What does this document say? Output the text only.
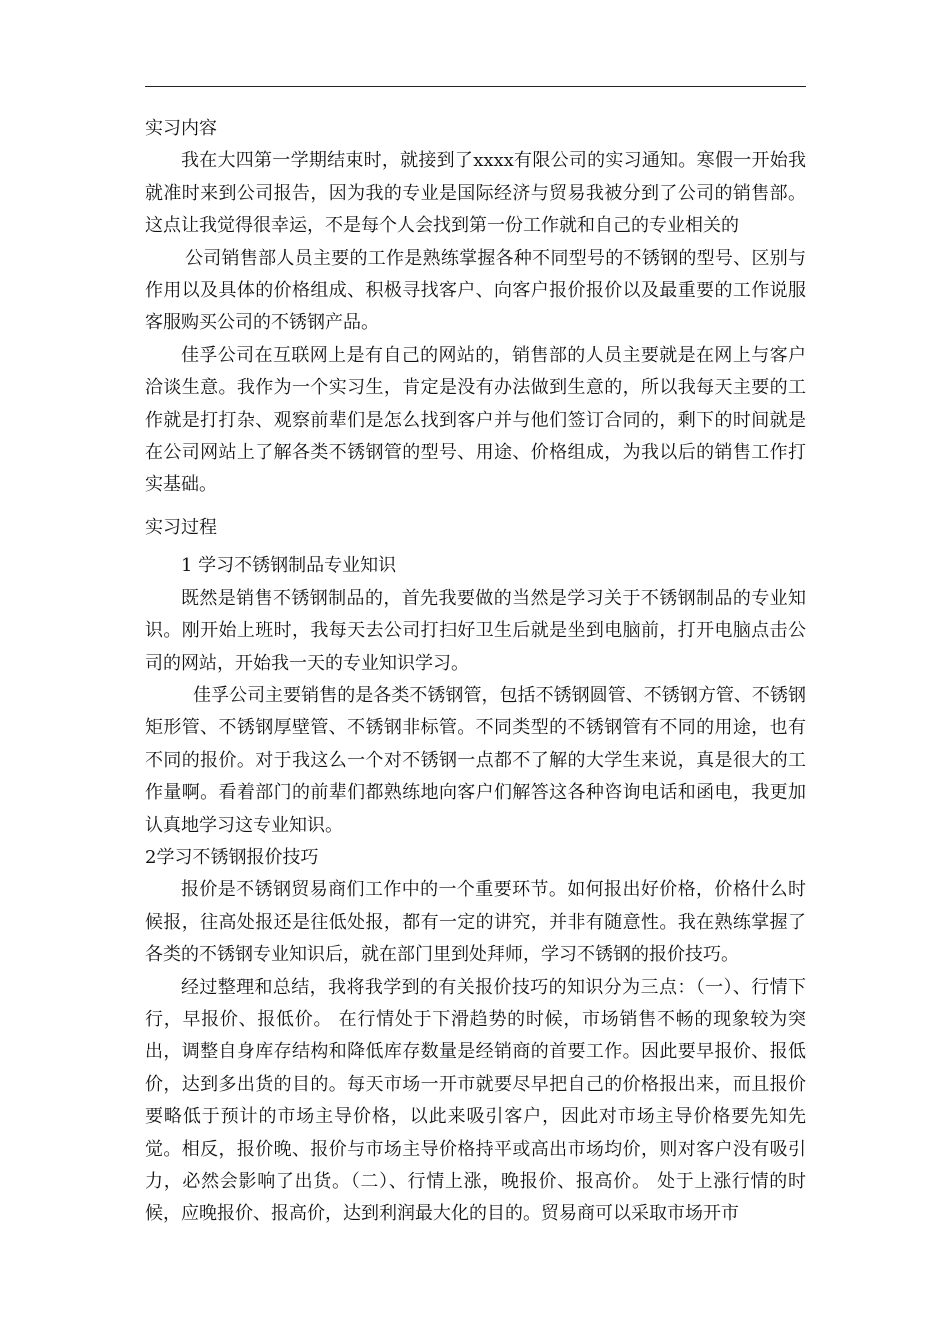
实习内容

我在大四第一学期结束时，就接到了xxxx有限公司的实习通知。寒假一开始我就准时来到公司报告，因为我的专业是国际经济与贸易我被分到了公司的销售部。这点让我觉得很幸运，不是每个人会找到第一份工作就和自己的专业相关的

公司销售部人员主要的工作是熟练掌握各种不同型号的不锈钢的型号、区别与作用以及具体的价格组成、积极寻找客户、向客户报价报价以及最重要的工作说服客服购买公司的不锈钢产品。

佳孚公司在互联网上是有自己的网站的，销售部的人员主要就是在网上与客户洽谈生意。我作为一个实习生，肯定是没有办法做到生意的，所以我每天主要的工作就是打打杂、观察前辈们是怎么找到客户并与他们签订合同的，剩下的时间就是在公司网站上了解各类不锈钢管的型号、用途、价格组成，为我以后的销售工作打实基础。

实习过程

1 学习不锈钢制品专业知识

既然是销售不锈钢制品的，首先我要做的当然是学习关于不锈钢制品的专业知识。刚开始上班时，我每天去公司打扫好卫生后就是坐到电脑前，打开电脑点击公司的网站，开始我一天的专业知识学习。

佳孚公司主要销售的是各类不锈钢管，包括不锈钢圆管、不锈钢方管、不锈钢矩形管、不锈钢厚壁管、不锈钢非标管。不同类型的不锈钢管有不同的用途，也有不同的报价。对于我这么一个对不锈钢一点都不了解的大学生来说，真是很大的工作量啊。看着部门的前辈们都熟练地向客户们解答这各种咨询电话和函电，我更加认真地学习这专业知识。

2学习不锈钢报价技巧

报价是不锈钢贸易商们工作中的一个重要环节。如何报出好价格，价格什么时候报，往高处报还是往低处报，都有一定的讲究，并非有随意性。我在熟练掌握了各类的不锈钢专业知识后，就在部门里到处拜师，学习不锈钢的报价技巧。

经过整理和总结，我将我学到的有关报价技巧的知识分为三点：（一）、行情下行，早报价、报低价。 在行情处于下滑趋势的时候，市场销售不畅的现象较为突出，调整自身库存结构和降低库存数量是经销商的首要工作。因此要早报价、报低价，达到多出货的目的。每天市场一开市就要尽早把自己的价格报出来，而且报价要略低于预计的市场主导价格，以此来吸引客户，因此对市场主导价格要先知先觉。相反，报价晚、报价与市场主导价格持平或高出市场均价，则对客户没有吸引力，必然会影响了出货。（二）、行情上涨，晚报价、报高价。 处于上涨行情的时候，应晚报价、报高价，达到利润最大化的目的。贸易商可以采取市场开市
